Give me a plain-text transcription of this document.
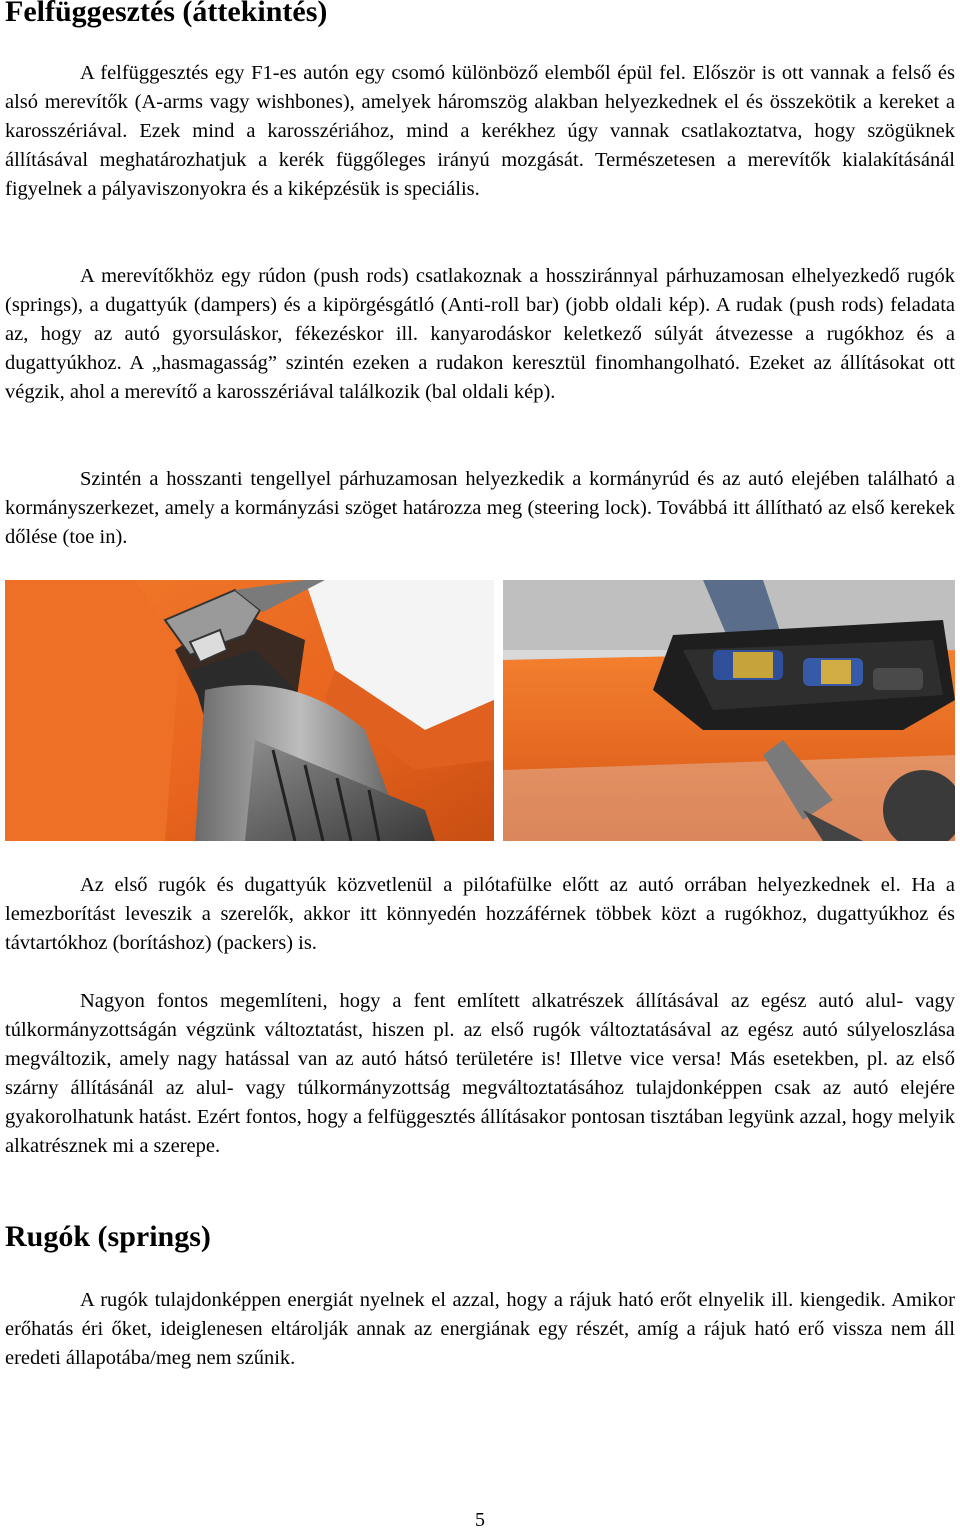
Felfüggesztés (áttekintés)

A felfüggesztés egy F1-es autón egy csomó különböző elemből épül fel. Először is ott vannak a felső és alsó merevítők (A-arms vagy wishbones), amelyek háromszög alakban helyezkednek el és összekötik a kereket a karosszériával. Ezek mind a karosszériához, mind a kerékhez úgy vannak csatlakoztatva, hogy szögüknek állításával meghatározhatjuk a kerék függőleges irányú mozgását. Természetesen a merevítők kialakításánál figyelnek a pályaviszonyokra és a kiképzésük is speciális.

A merevítőkhöz egy rúdon (push rods) csatlakoznak a hossziránnyal párhuzamosan elhelyezkedő rugók (springs), a dugattyúk (dampers) és a kipörgésgátló (Anti-roll bar) (jobb oldali kép). A rudak (push rods) feladata az, hogy az autó gyorsuláskor, fékezéskor ill. kanyarodáskor keletkező súlyát átvezesse a rugókhoz és a dugattyúkhoz. A „hasmagasság” szintén ezeken a rudakon keresztül finomhangolható. Ezeket az állításokat ott végzik, ahol a merevítő a karosszériával találkozik (bal oldali kép).

Szintén a hosszanti tengellyel párhuzamosan helyezkedik a kormányrúd és az autó elejében található a kormányszerkezet, amely a kormányzási szöget határozza meg (steering lock). Továbbá itt állítható az első kerekek dőlése (toe in).

Az első rugók és dugattyúk közvetlenül a pilótafülke előtt az autó orrában helyezkednek el. Ha a lemezborítást leveszik a szerelők, akkor itt könnyedén hozzáférnek többek közt a rugókhoz, dugattyúkhoz és távtartókhoz (borításhoz) (packers) is.

Nagyon fontos megemlíteni, hogy a fent említett alkatrészek állításával az egész autó alul- vagy túlkormányzottságán végzünk változtatást, hiszen pl. az első rugók változtatásával az egész autó súlyeloszlása megváltozik, amely nagy hatással van az autó hátsó területére is! Illetve vice versa! Más esetekben, pl. az első szárny állításánál az alul- vagy túlkormányzottság megváltoztatásához tulajdonképpen csak az autó elejére gyakorolhatunk hatást. Ezért fontos, hogy a felfüggesztés állításakor pontosan tisztában legyünk azzal, hogy melyik alkatrésznek mi a szerepe.

Rugók (springs)

A rugók tulajdonképpen energiát nyelnek el azzal, hogy a rájuk ható erőt elnyelik ill. kiengedik. Amikor erőhatás éri őket, ideiglenesen eltárolják annak az energiának egy részét, amíg a rájuk ható erő vissza nem áll eredeti állapotába/meg nem szűnik.

5
